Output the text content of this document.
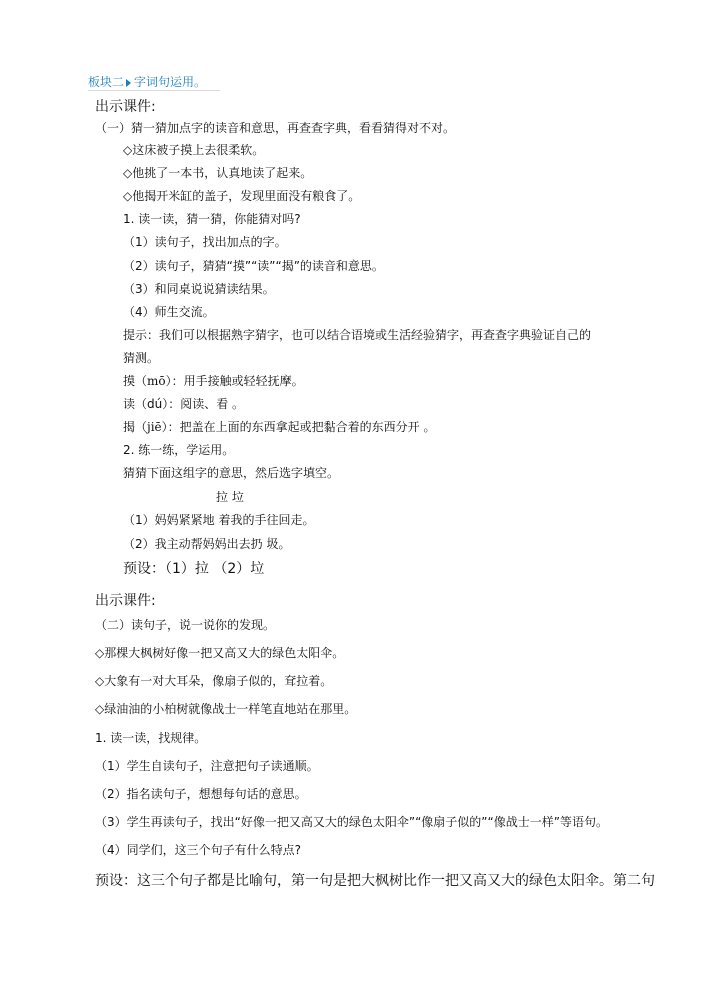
板块二 字词句运用。
出示课件:
（一）猜一猜加点字的读音和意思，再查查字典，看看猜得对不对。
◇这床被子摸上去很柔软。
◇他挑了一本书，认真地读了起来。
◇他揭开米缸的盖子，发现里面没有粮食了。
1. 读一读，猜一猜，你能猜对吗?
（1）读句子，找出加点的字。
（2）读句子，猜猜“摸”“读”“揭”的读音和意思。
（3）和同桌说说猜读结果。
（4）师生交流。
提示：我们可以根据熟字猜字，也可以结合语境或生活经验猜字，再查查字典验证自己的
猜测。
摸（mō）：用手接触或轻轻抚摩。
读（dú）：阅读、看 。
揭（jiē）：把盖在上面的东西拿起或把黏合着的东西分开 。
2. 练一练，学运用。
猜猜下面这组字的意思，然后选字填空。
拉 垃
（1）妈妈紧紧地 着我的手往回走。
（2）我主动帮妈妈出去扔 圾。
预设：（1）拉 （2）垃
出示课件:
（二）读句子，说一说你的发现。
◇那棵大枫树好像一把又高又大的绿色太阳伞。
◇大象有一对大耳朵，像扇子似的，耷拉着。
◇绿油油的小柏树就像战士一样笔直地站在那里。
1. 读一读，找规律。
（1）学生自读句子，注意把句子读通顺。
（2）指名读句子，想想每句话的意思。
（3）学生再读句子，找出“好像一把又高又大的绿色太阳伞”“像扇子似的”“像战士一样”等语句。
（4）同学们，这三个句子有什么特点?
预设：这三个句子都是比喻句，第一句是把大枫树比作一把又高又大的绿色太阳伞。第二句
